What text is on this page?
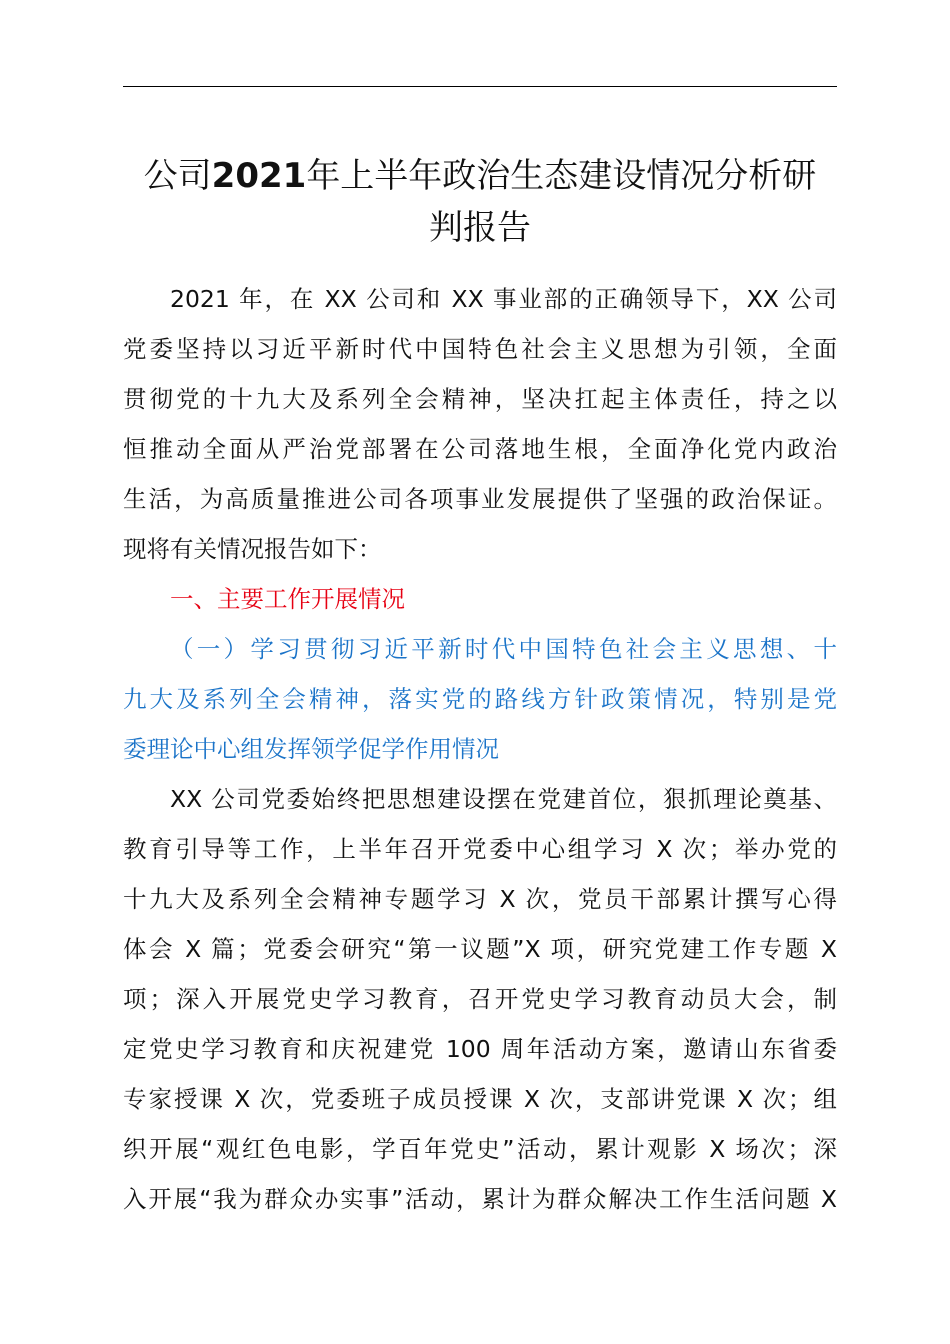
公司2021年上半年政治生态建设情况分析研
判报告

2021 年，在 XX 公司和 XX 事业部的正确领导下，XX 公司
党委坚持以习近平新时代中国特色社会主义思想为引领，全面
贯彻党的十九大及系列全会精神，坚决扛起主体责任，持之以
恒推动全面从严治党部署在公司落地生根，全面净化党内政治
生活，为高质量推进公司各项事业发展提供了坚强的政治保证。
现将有关情况报告如下：

一、主要工作开展情况

（一）学习贯彻习近平新时代中国特色社会主义思想、十
九大及系列全会精神，落实党的路线方针政策情况，特别是党
委理论中心组发挥领学促学作用情况

XX 公司党委始终把思想建设摆在党建首位，狠抓理论奠基、
教育引导等工作，上半年召开党委中心组学习 X 次；举办党的
十九大及系列全会精神专题学习 X 次，党员干部累计撰写心得
体会 X 篇；党委会研究“第一议题”X 项，研究党建工作专题 X
项；深入开展党史学习教育，召开党史学习教育动员大会，制
定党史学习教育和庆祝建党 100 周年活动方案，邀请山东省委
专家授课 X 次，党委班子成员授课 X 次，支部讲党课 X 次；组
织开展“观红色电影，学百年党史”活动，累计观影 X 场次；深
入开展“我为群众办实事”活动，累计为群众解决工作生活问题 X
